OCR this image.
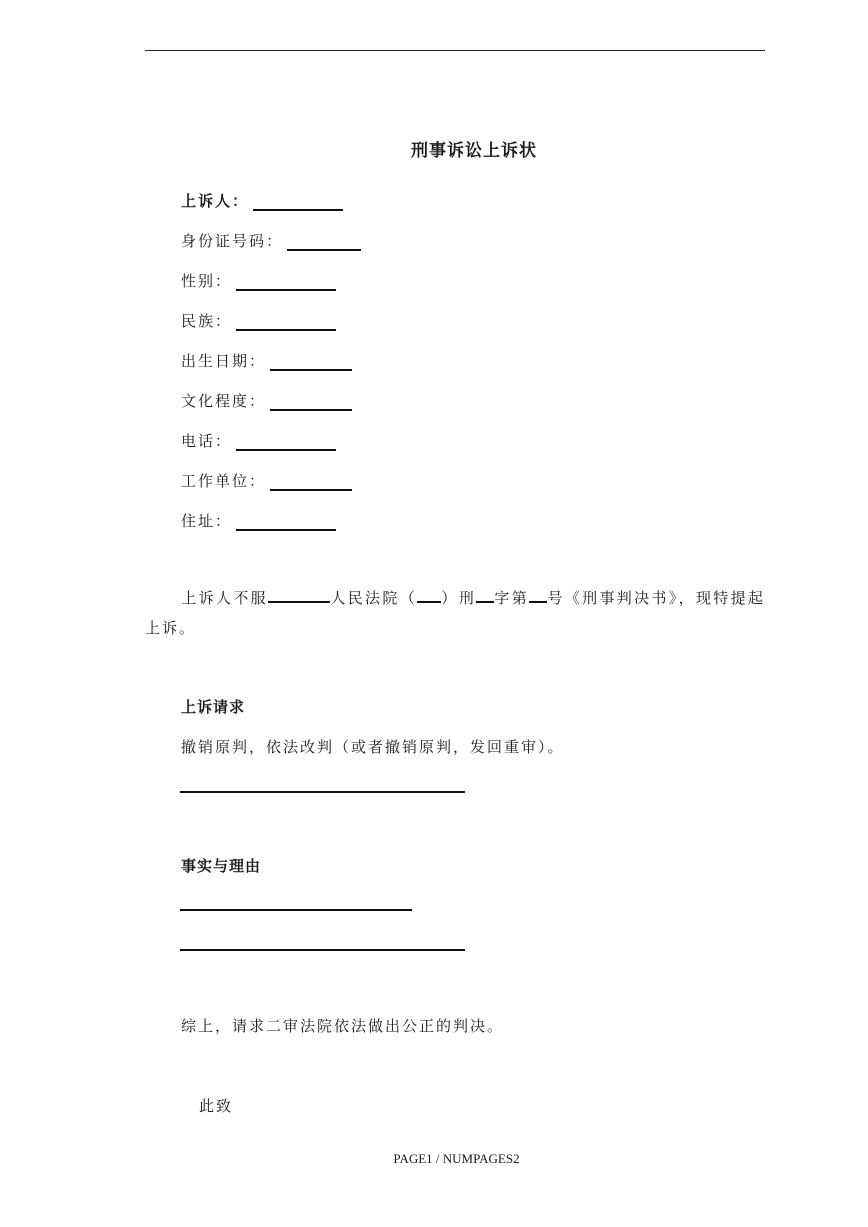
刑事诉讼上诉状
上诉人：
身份证号码：
性别：
民族：
出生日期：
文化程度：
电话：
工作单位：
住址：
上诉人不服	人民法院（ ）刑 字第 号《刑事判决书》，现特提起上诉。
上诉请求
撤销原判，依法改判（或者撤销原判，发回重审）。
事实与理由
综上，请求二审法院依法做出公正的判决。
此致
PAGE1 / NUMPAGES2
